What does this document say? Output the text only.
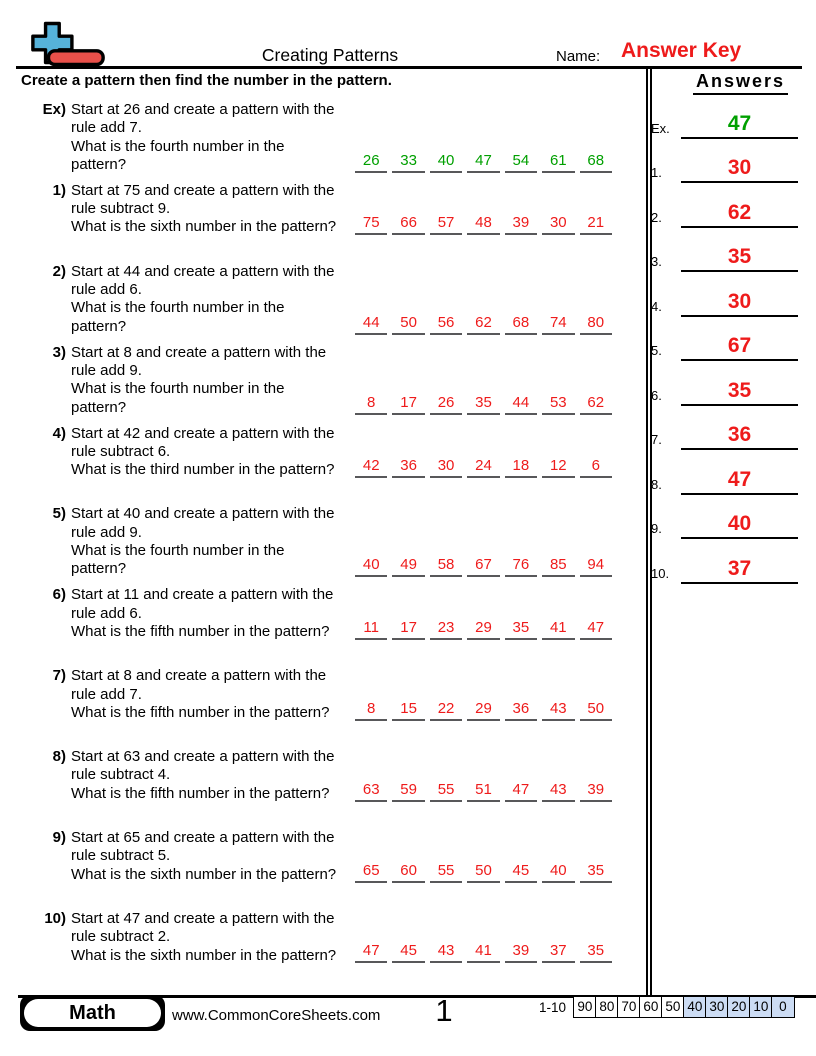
Creating Patterns	Name: Answer Key
Create a pattern then find the number in the pattern.	Answers
Ex.	47
1.	30
2.	62
3.	35
4.	30
5.	67
6.	35
7.	36
8.	47
9.	40
10.	37
Ex) Start at 26 and create a pattern with the
rule add 7.
What is the fourth number in the
pattern?	26	33	40	47	54	61	68
1) Start at 75 and create a pattern with the
rule subtract 9.
What is the sixth number in the pattern?	75	66	57	48	39	30	21
2) Start at 44 and create a pattern with the
rule add 6.
What is the fourth number in the
pattern?	44	50	56	62	68	74	80
3) Start at 8 and create a pattern with the
rule add 9.
What is the fourth number in the
pattern?	8	17	26	35	44	53	62
4) Start at 42 and create a pattern with the
rule subtract 6.
What is the third number in the pattern?	42	36	30	24	18	12	6
5) Start at 40 and create a pattern with the
rule add 9.
What is the fourth number in the
pattern?	40	49	58	67	76	85	94
6) Start at 11 and create a pattern with the
rule add 6.
What is the fifth number in the pattern?	11	17	23	29	35	41	47
7) Start at 8 and create a pattern with the
rule add 7.
What is the fifth number in the pattern?	8	15	22	29	36	43	50
8) Start at 63 and create a pattern with the
rule subtract 4.
What is the fifth number in the pattern?	63	59	55	51	47	43	39
9) Start at 65 and create a pattern with the
rule subtract 5.
What is the sixth number in the pattern?	65	60	55	50	45	40	35
10) Start at 47 and create a pattern with the
rule subtract 2.
What is the sixth number in the pattern?	47	45	43	41	39	37	35
Math	www.CommonCoreSheets.com	1	1-10 90 80 70 60 50 40 30 20 10 0
